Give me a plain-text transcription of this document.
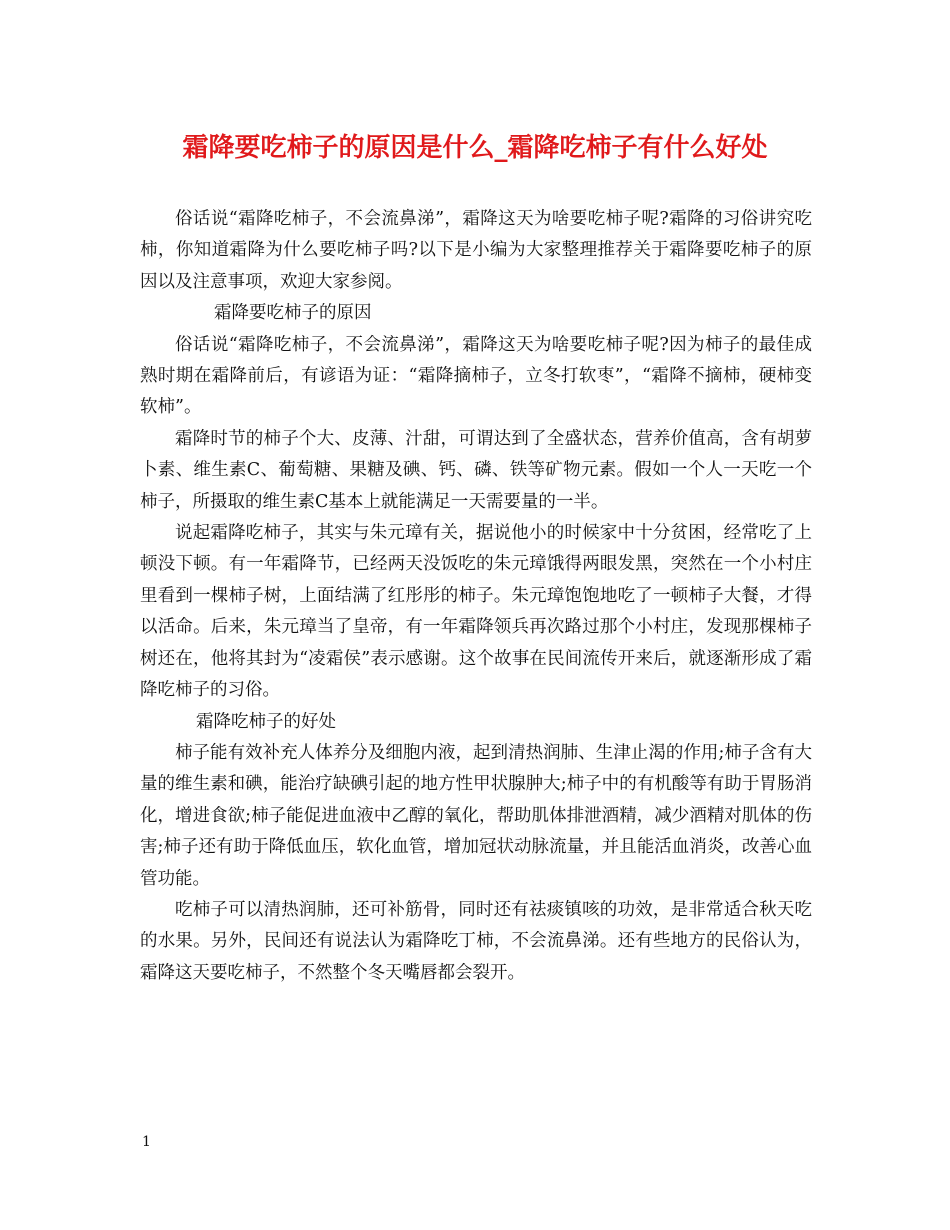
霜降要吃柿子的原因是什么_霜降吃柿子有什么好处

俗话说“霜降吃柿子，不会流鼻涕”，霜降这天为啥要吃柿子呢?霜降的习俗讲究吃柿，你知道霜降为什么要吃柿子吗?以下是小编为大家整理推荐关于霜降要吃柿子的原因以及注意事项，欢迎大家参阅。

霜降要吃柿子的原因

俗话说“霜降吃柿子，不会流鼻涕”，霜降这天为啥要吃柿子呢?因为柿子的最佳成熟时期在霜降前后，有谚语为证：“霜降摘柿子，立冬打软枣”，“霜降不摘柿，硬柿变软柿”。

霜降时节的柿子个大、皮薄、汁甜，可谓达到了全盛状态，营养价值高，含有胡萝卜素、维生素C、葡萄糖、果糖及碘、钙、磷、铁等矿物元素。假如一个人一天吃一个柿子，所摄取的维生素C基本上就能满足一天需要量的一半。

说起霜降吃柿子，其实与朱元璋有关，据说他小的时候家中十分贫困，经常吃了上顿没下顿。有一年霜降节，已经两天没饭吃的朱元璋饿得两眼发黑，突然在一个小村庄里看到一棵柿子树，上面结满了红彤彤的柿子。朱元璋饱饱地吃了一顿柿子大餐，才得以活命。后来，朱元璋当了皇帝，有一年霜降领兵再次路过那个小村庄，发现那棵柿子树还在，他将其封为“凌霜侯”表示感谢。这个故事在民间流传开来后，就逐渐形成了霜降吃柿子的习俗。

霜降吃柿子的好处

柿子能有效补充人体养分及细胞内液，起到清热润肺、生津止渴的作用;柿子含有大量的维生素和碘，能治疗缺碘引起的地方性甲状腺肿大;柿子中的有机酸等有助于胃肠消化，增进食欲;柿子能促进血液中乙醇的氧化，帮助肌体排泄酒精，减少酒精对肌体的伤害;柿子还有助于降低血压，软化血管，增加冠状动脉流量，并且能活血消炎，改善心血管功能。

吃柿子可以清热润肺，还可补筋骨，同时还有祛痰镇咳的功效，是非常适合秋天吃的水果。另外，民间还有说法认为霜降吃丁柿，不会流鼻涕。还有些地方的民俗认为，霜降这天要吃柿子，不然整个冬天嘴唇都会裂开。

1
